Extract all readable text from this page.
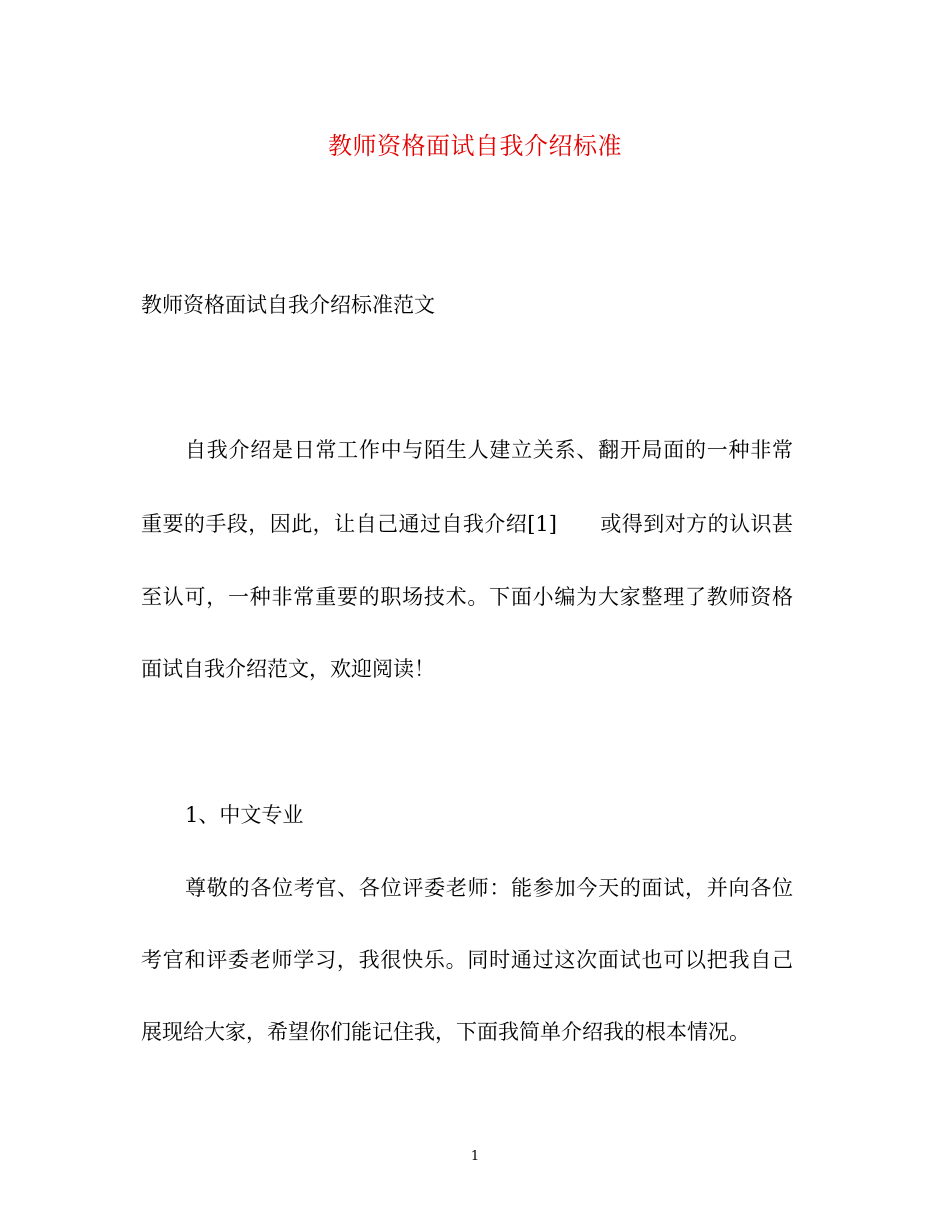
教师资格面试自我介绍标准
教师资格面试自我介绍标准范文
自我介绍是日常工作中与陌生人建立关系、翻开局面的一种非常
重要的手段，因此，让自己通过自我介绍[1]　　或得到对方的认识甚
至认可，一种非常重要的职场技术。下面小编为大家整理了教师资格
面试自我介绍范文，欢迎阅读！
1、中文专业
尊敬的各位考官、各位评委老师：能参加今天的面试，并向各位
考官和评委老师学习，我很快乐。同时通过这次面试也可以把我自己
展现给大家，希望你们能记住我，下面我简单介绍我的根本情况。
1
